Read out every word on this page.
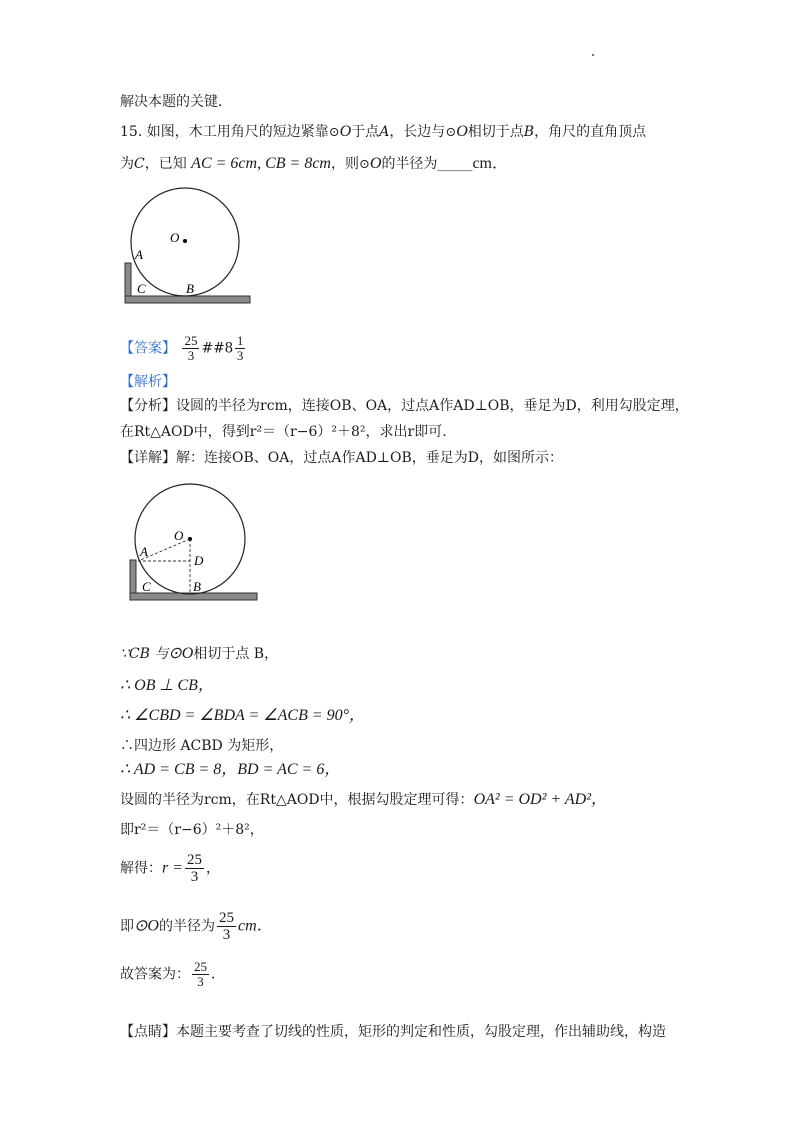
解决本题的关键．
15. 如图，木工用角尺的短边紧靠⊙O于点A，长边与⊙O相切于点B，角尺的直角顶点
为C，已知 AC = 6cm, CB = 8cm，则⊙O的半径为_____cm．
O
A
C	B
【答案】 $\frac{25}{3}$ ##8 $\frac{1}{3}$
【解析】
【分析】设圆的半径为rcm，连接OB、OA，过点A作AD⊥OB，垂足为D，利用勾股定理，
在Rt△AOD中，得到r²＝（r−6）²＋8²，求出r即可.
【详解】解：连接OB、OA，过点A作AD⊥OB，垂足为D，如图所示：
O
A
D
C	B
∵CB 与⊙O相切于点 B，
∴ OB ⊥ CB，
∴ ∠CBD = ∠BDA = ∠ACB = 90°，
∴四边形 ACBD 为矩形，
∴ AD = CB = 8，BD = AC = 6，
设圆的半径为rcm，在Rt△AOD中，根据勾股定理可得：OA² = OD² + AD²，
即r²＝（r−6）²＋8²，
解得：$r = \frac{25}{3}$ ，
即⊙O的半径为 $\frac{25}{3}$ cm．
故答案为： $\frac{25}{3}$ ．
【点睛】本题主要考查了切线的性质，矩形的判定和性质，勾股定理，作出辅助线，构造
